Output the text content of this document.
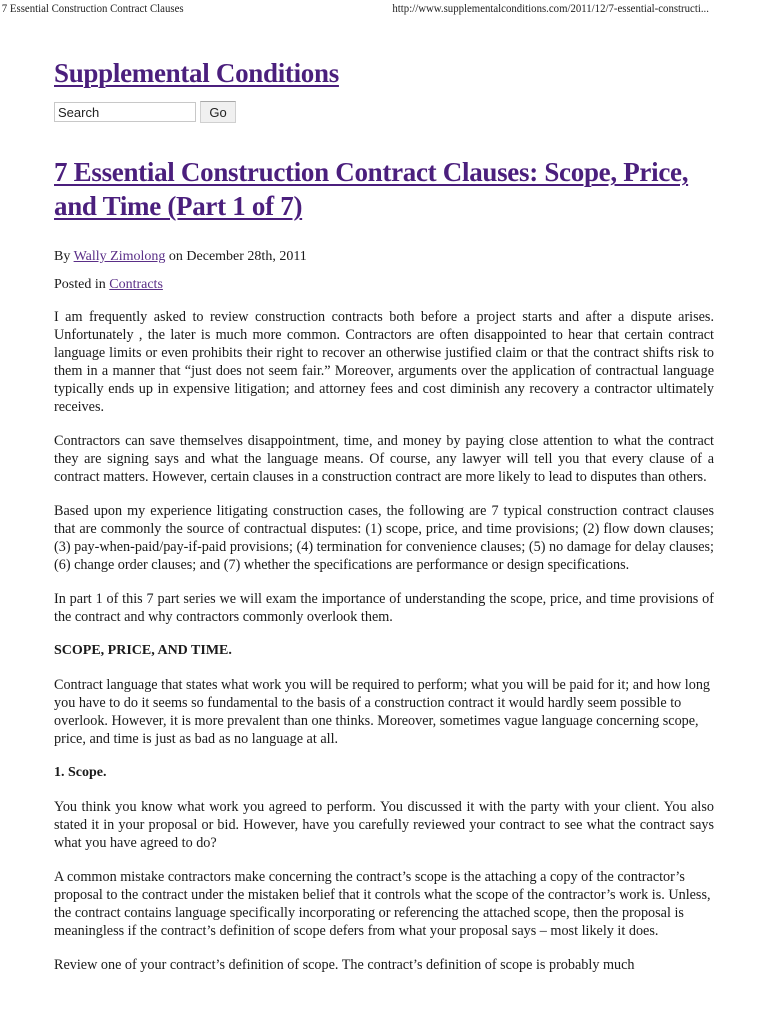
7 Essential Construction Contract Clauses	http://www.supplementalconditions.com/2011/12/7-essential-constructi...
Supplemental Conditions
Search
Go
7 Essential Construction Contract Clauses: Scope, Price, and Time (Part 1 of 7)
By Wally Zimolong on December 28th, 2011
Posted in Contracts

I am frequently asked to review construction contracts both before a project starts and after a dispute arises. Unfortunately , the later is much more common. Contractors are often disappointed to hear that certain contract language limits or even prohibits their right to recover an otherwise justified claim or that the contract shifts risk to them in a manner that “just does not seem fair.” Moreover, arguments over the application of contractual language typically ends up in expensive litigation; and attorney fees and cost diminish any recovery a contractor ultimately receives.

Contractors can save themselves disappointment, time, and money by paying close attention to what the contract they are signing says and what the language means. Of course, any lawyer will tell you that every clause of a contract matters. However, certain clauses in a construction contract are more likely to lead to disputes than others.

Based upon my experience litigating construction cases, the following are 7 typical construction contract clauses that are commonly the source of contractual disputes: (1) scope, price, and time provisions; (2) flow down clauses; (3) pay-when-paid/pay-if-paid provisions; (4) termination for convenience clauses; (5) no damage for delay clauses; (6) change order clauses; and (7) whether the specifications are performance or design specifications.

In part 1 of this 7 part series we will exam the importance of understanding the scope, price, and time provisions of the contract and why contractors commonly overlook them.

SCOPE, PRICE, AND TIME.

Contract language that states what work you will be required to perform; what you will be paid for it; and how long you have to do it seems so fundamental to the basis of a construction contract it would hardly seem possible to overlook. However, it is more prevalent than one thinks. Moreover, sometimes vague language concerning scope, price, and time is just as bad as no language at all.

1. Scope.

You think you know what work you agreed to perform. You discussed it with the party with your client. You also stated it in your proposal or bid. However, have you carefully reviewed your contract to see what the contract says what you have agreed to do?

A common mistake contractors make concerning the contract’s scope is the attaching a copy of the contractor’s proposal to the contract under the mistaken belief that it controls what the scope of the contractor’s work is. Unless, the contract contains language specifically incorporating or referencing the attached scope, then the proposal is meaningless if the contract’s definition of scope defers from what your proposal says – most likely it does.

Review one of your contract’s definition of scope. The contract’s definition of scope is probably much
